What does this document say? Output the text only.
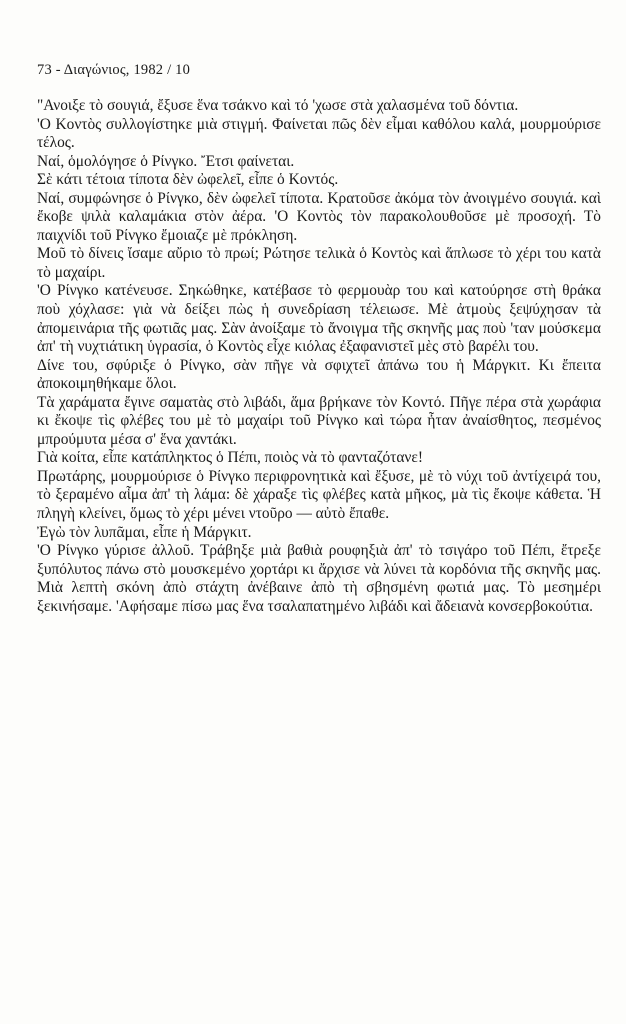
73 - Διαγώνιος, 1982 / 10

"Ανοιξε τὸ σουγιά, ἔξυσε ἕνα τσάκνο καὶ τό 'χωσε στὰ χαλασμένα τοῦ δόντια.

'Ο Κοντὸς συλλογίστηκε μιὰ στιγμή. Φαίνεται πῶς δὲν εἶμαι καθόλου καλά, μουρμούρισε τέλος.

Ναί, ὁμολόγησε ὁ Ρίνγκο. Ἔτσι φαίνεται.

Σὲ κάτι τέτοια τίποτα δὲν ὠφελεῖ, εἶπε ὁ Κοντός.

Ναί, συμφώνησε ὁ Ρίνγκο, δὲν ὠφελεῖ τίποτα. Κρατοῦσε ἀκόμα τὸν ἀνοιγμένο σουγιά. καὶ ἔκοβε ψιλὰ καλαμάκια στὸν ἀέρα. 'Ο Κοντὸς τὸν παρακολουθοῦσε μὲ προσοχή. Τὸ παιχνίδι τοῦ Ρίνγκο ἔμοιαζε μὲ πρόκληση.

Μοῦ τὸ δίνεις ἴσαμε αὔριο τὸ πρωί; Ρώτησε τελικὰ ὁ Κοντὸς καὶ ἅπλωσε τὸ χέρι του κατὰ τὸ μαχαίρι.

'Ο Ρίνγκο κατένευσε. Σηκώθηκε, κατέβασε τὸ φερμουὰρ του καὶ κατούρησε στὴ θράκα ποὺ χόχλασε: γιὰ νὰ δείξει πὼς ἡ συνεδρίαση τέλειωσε. Μὲ ἀτμοὺς ξεψύχησαν τὰ ἀπομεινάρια τῆς φωτιᾶς μας. Σὰν ἀνοίξαμε τὸ ἄνοιγμα τῆς σκηνῆς μας ποὺ 'ταν μούσκεμα ἀπ' τὴ νυχτιάτικη ὑγρασία, ὁ Κοντὸς εἶχε κιόλας ἐξαφανιστεῖ μὲς στὸ βαρέλι του.

Δίνε του, σφύριξε ὁ Ρίνγκο, σὰν πῆγε νὰ σφιχτεῖ ἀπάνω του ἡ Μάργκιτ. Κι ἔπειτα ἀποκοιμηθήκαμε ὅλοι.

Τὰ χαράματα ἔγινε σαματὰς στὸ λιβάδι, ἅμα βρήκανε τὸν Κοντό. Πῆγε πέρα στὰ χωράφια κι ἔκοψε τὶς φλέβες του μὲ τὸ μαχαίρι τοῦ Ρίνγκο καὶ τώρα ἦταν ἀναίσθητος, πεσμένος μπρούμυτα μέσα σ' ἕνα χαντάκι.

Γιὰ κοίτα, εἶπε κατάπληκτος ὁ Πέπι, ποιὸς νὰ τὸ φανταζότανε!

Πρωτάρης, μουρμούρισε ὁ Ρίνγκο περιφρονητικὰ καὶ ἔξυσε, μὲ τὸ νύχι τοῦ ἀντίχειρά του, τὸ ξεραμένο αἷμα ἀπ' τὴ λάμα: δὲ χάραξε τὶς φλέβες κατὰ μῆκος, μὰ τὶς ἔκοψε κάθετα. Ἡ πληγὴ κλείνει, ὅμως τὸ χέρι μένει ντοῦρο — αὐτὸ ἔπαθε.

Ἐγὼ τὸν λυπᾶμαι, εἶπε ἡ Μάργκιτ.

'Ο Ρίνγκο γύρισε ἀλλοῦ. Τράβηξε μιὰ βαθιὰ ρουφηξιὰ ἀπ' τὸ τσιγάρο τοῦ Πέπι, ἔτρεξε ξυπόλυτος πάνω στὸ μουσκεμένο χορτάρι κι ἄρχισε νὰ λύνει τὰ κορδόνια τῆς σκηνῆς μας. Μιὰ λεπτὴ σκόνη ἀπὸ στάχτη ἀνέβαινε ἀπὸ τὴ σβησμένη φωτιά μας. Τὸ μεσημέρι ξεκινήσαμε. 'Αφήσαμε πίσω μας ἕνα τσαλαπατημένο λιβάδι καὶ ἄδειανὰ κονσερβοκούτια.
